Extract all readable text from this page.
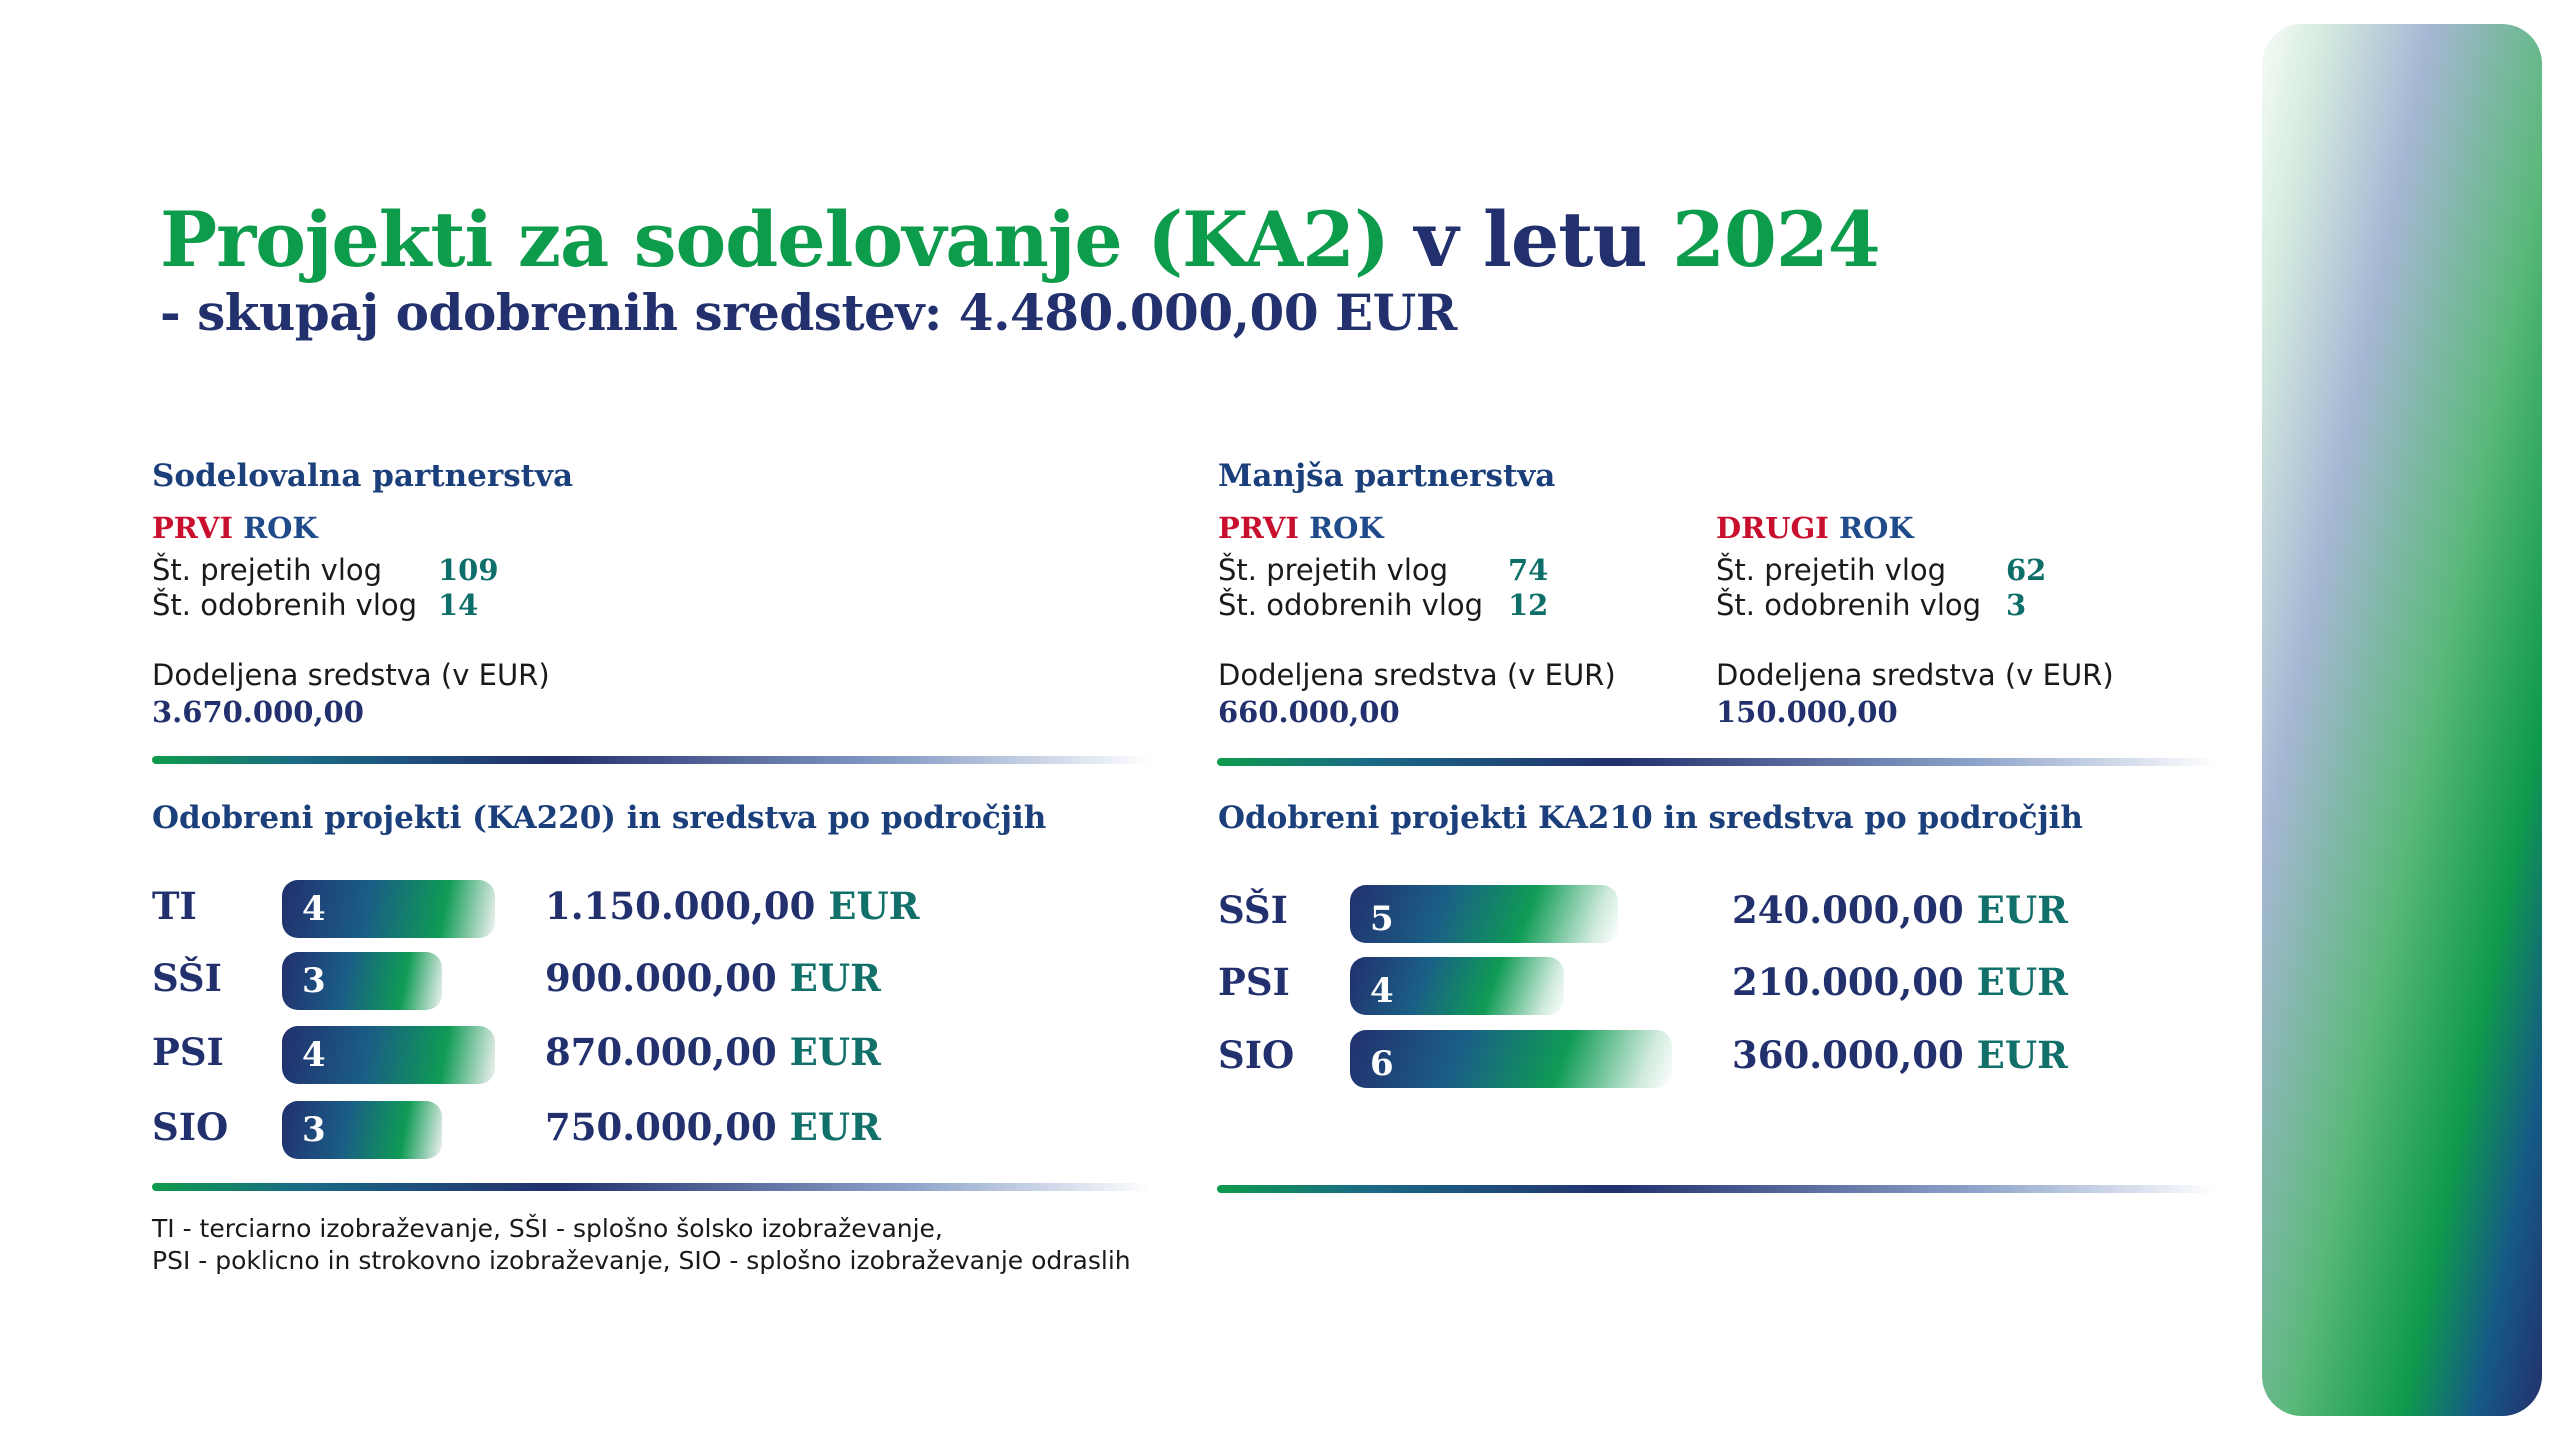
Projekti za sodelovanje (KA2) v letu 2024
- skupaj odobrenih sredstev: 4.480.000,00 EUR
Sodelovalna partnerstva
PRVI ROK
Št. prejetih vlog 109
Št. odobrenih vlog 14
Dodeljena sredstva (v EUR)
3.670.000,00
Odobreni projekti (KA220) in sredstva po področjih
TI	4	1.150.000,00 EUR
SŠI 3	900.000,00 EUR
PSI 4	870.000,00 EUR
SIO 3	750.000,00 EUR
TI - terciarno izobraževanje, SŠI - splošno šolsko izobraževanje,
PSI - poklicno in strokovno izobraževanje, SIO - splošno izobraževanje odraslih
Manjša partnerstva
PRVI ROK
Št. prejetih vlog 74
Št. odobrenih vlog 12
Dodeljena sredstva (v EUR)
660.000,00
DRUGI ROK
Št. prejetih vlog 62
Št. odobrenih vlog 3
Dodeljena sredstva (v EUR)
150.000,00
Odobreni projekti KA210 in sredstva po področjih
SŠI 5	240.000,00 EUR
PSI 4	210.000,00 EUR
SIO 6	360.000,00 EUR
